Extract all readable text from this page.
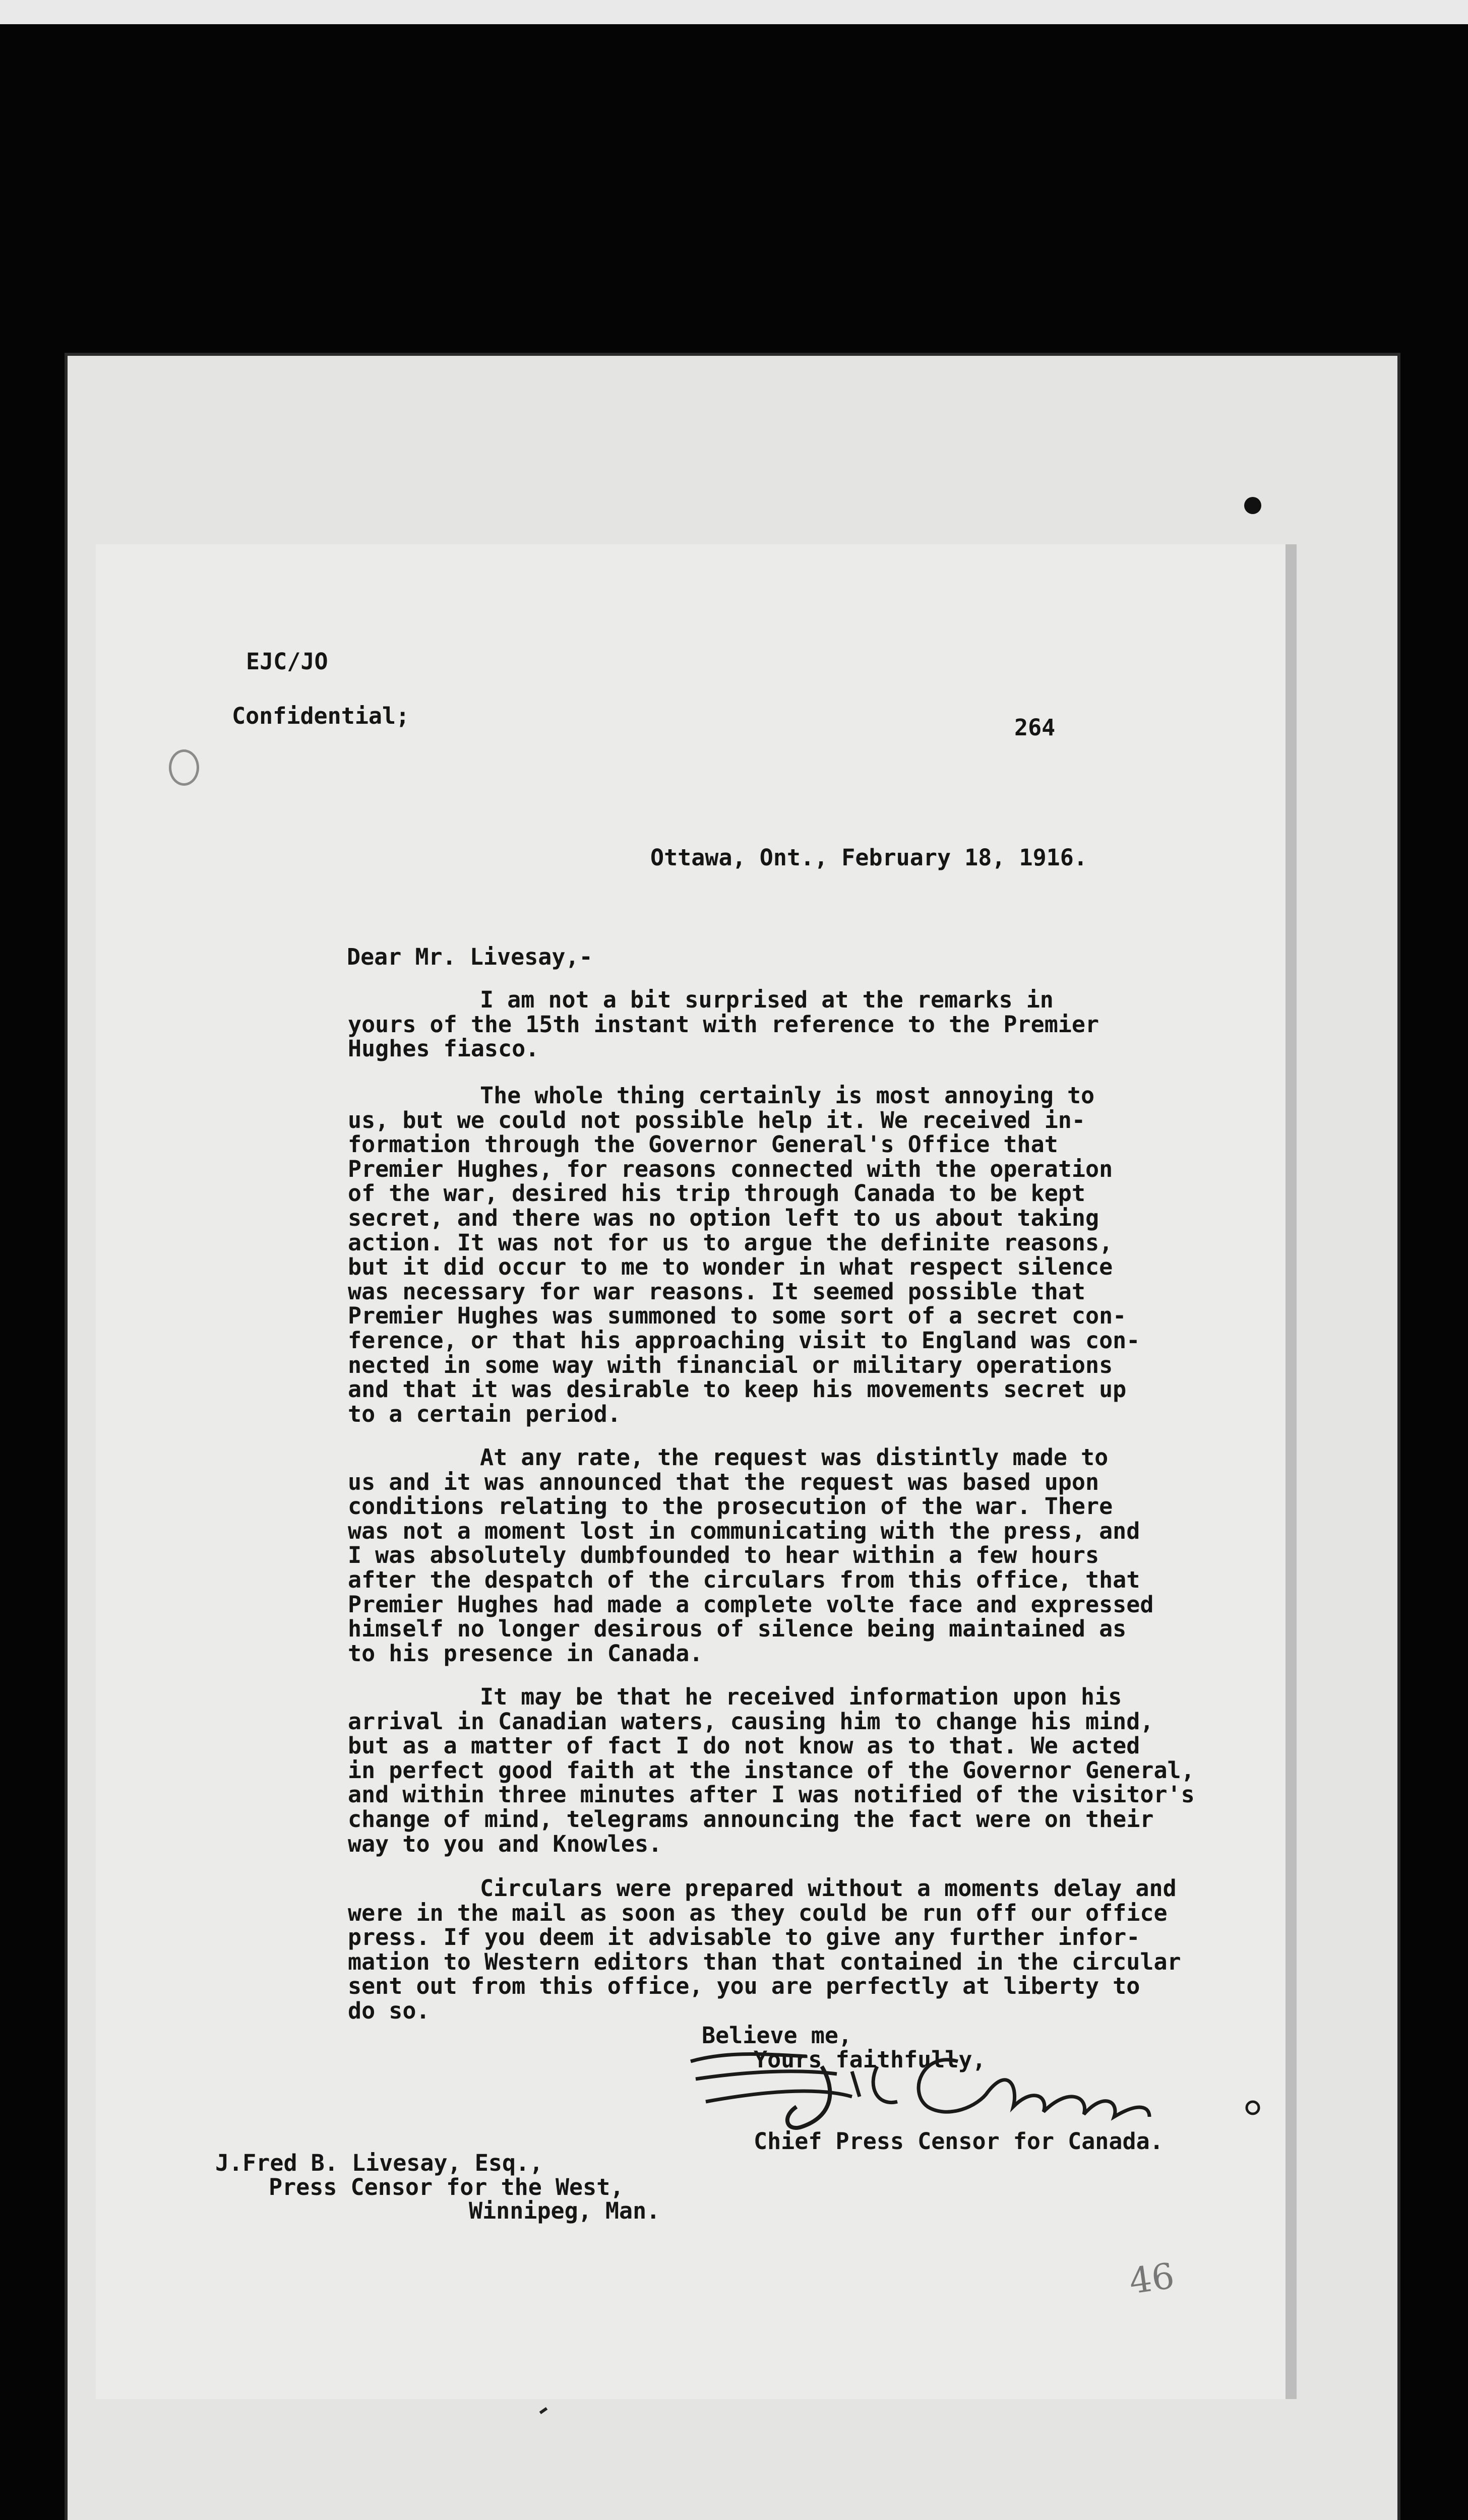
EJC/JO
Confidential;	264
Ottawa, Ont., February 18, 1916.
Dear Mr. Livesay,-
I am not a bit surprised at the remarks in
yours of the 15th instant with reference to the Premier
Hughes fiasco.
The whole thing certainly is most annoying to
us, but we could not possible help it. We received in-
formation through the Governor General's Office that
Premier Hughes, for reasons connected with the operation
of the war, desired his trip through Canada to be kept
secret, and there was no option left to us about taking
action. It was not for us to argue the definite reasons,
but it did occur to me to wonder in what respect silence
was necessary for war reasons. It seemed possible that
Premier Hughes was summoned to some sort of a secret con-
ference, or that his approaching visit to England was con-
nected in some way with financial or military operations
and that it was desirable to keep his movements secret up
to a certain period.
At any rate, the request was distintly made to
us and it was announced that the request was based upon
conditions relating to the prosecution of the war. There
was not a moment lost in communicating with the press, and
I was absolutely dumbfounded to hear within a few hours
after the despatch of the circulars from this office, that
Premier Hughes had made a complete volte face and expressed
himself no longer desirous of silence being maintained as
to his presence in Canada.
It may be that he received information upon his
arrival in Canadian waters, causing him to change his mind,
but as a matter of fact I do not know as to that. We acted
in perfect good faith at the instance of the Governor General,
and within three minutes after I was notified of the visitor's
change of mind, telegrams announcing the fact were on their
way to you and Knowles.
Circulars were prepared without a moments delay and
were in the mail as soon as they could be run off our office
press. If you deem it advisable to give any further infor-
mation to Western editors than that contained in the circular
sent out from this office, you are perfectly at liberty to
do so.
Believe me,
Yours faithfully,
Chief Press Censor for Canada.
J.Fred B. Livesay, Esq.,
Press Censor for the West,
Winnipeg, Man.
46
